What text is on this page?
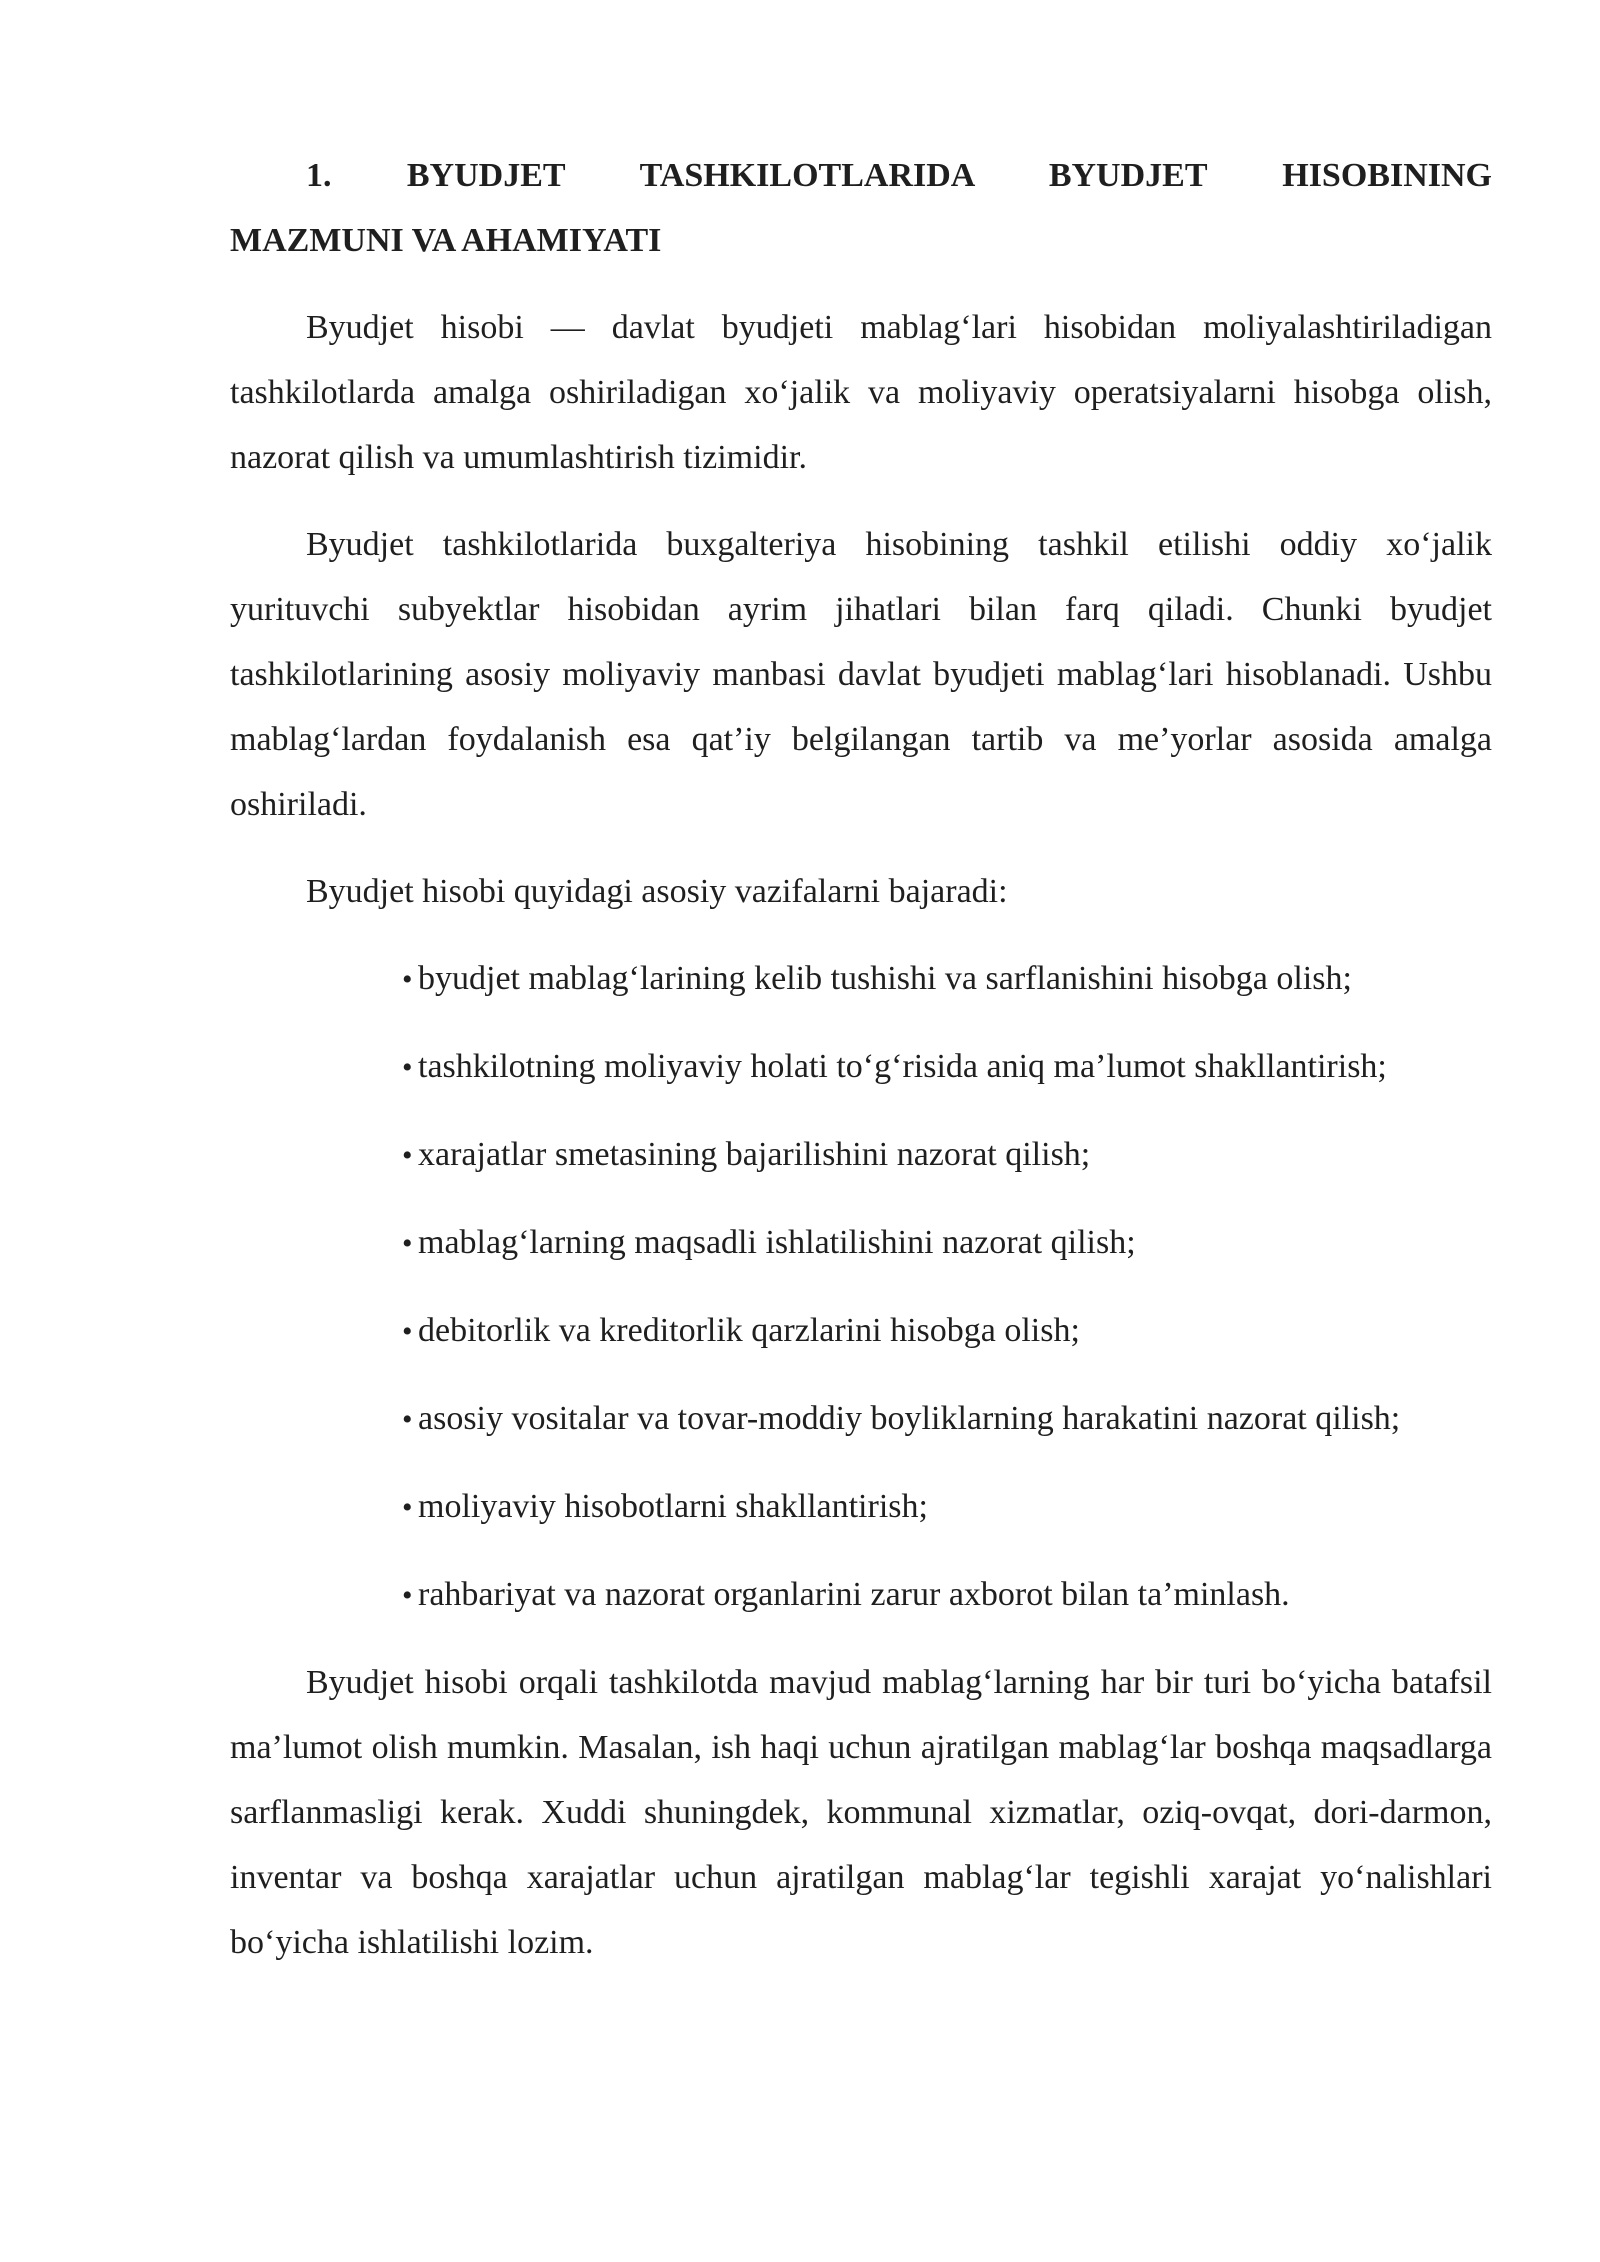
1. BYUDJET TASHKILOTLARIDA BYUDJET HISOBINING
MAZMUNI VA AHAMIYATI

Byudjet hisobi — davlat byudjeti mablag‘lari hisobidan moliyalashtiriladigan tashkilotlarda amalga oshiriladigan xo‘jalik va moliyaviy operatsiyalarni hisobga olish, nazorat qilish va umumlashtirish tizimidir.

Byudjet tashkilotlarida buxgalteriya hisobining tashkil etilishi oddiy xo‘jalik yurituvchi subyektlar hisobidan ayrim jihatlari bilan farq qiladi. Chunki byudjet tashkilotlarining asosiy moliyaviy manbasi davlat byudjeti mablag‘lari hisoblanadi. Ushbu mablag‘lardan foydalanish esa qat’iy belgilangan tartib va me’yorlar asosida amalga oshiriladi.

Byudjet hisobi quyidagi asosiy vazifalarni bajaradi:

• byudjet mablag‘larining kelib tushishi va sarflanishini hisobga olish;
• tashkilotning moliyaviy holati to‘g‘risida aniq ma’lumot shakllantirish;
• xarajatlar smetasining bajarilishini nazorat qilish;
• mablag‘larning maqsadli ishlatilishini nazorat qilish;
• debitorlik va kreditorlik qarzlarini hisobga olish;
• asosiy vositalar va tovar-moddiy boyliklarning harakatini nazorat qilish;
• moliyaviy hisobotlarni shakllantirish;
• rahbariyat va nazorat organlarini zarur axborot bilan ta’minlash.

Byudjet hisobi orqali tashkilotda mavjud mablag‘larning har bir turi bo‘yicha batafsil ma’lumot olish mumkin. Masalan, ish haqi uchun ajratilgan mablag‘lar boshqa maqsadlarga sarflanmasligi kerak. Xuddi shuningdek, kommunal xizmatlar, oziq-ovqat, dori-darmon, inventar va boshqa xarajatlar uchun ajratilgan mablag‘lar tegishli xarajat yo‘nalishlari bo‘yicha ishlatilishi lozim.
